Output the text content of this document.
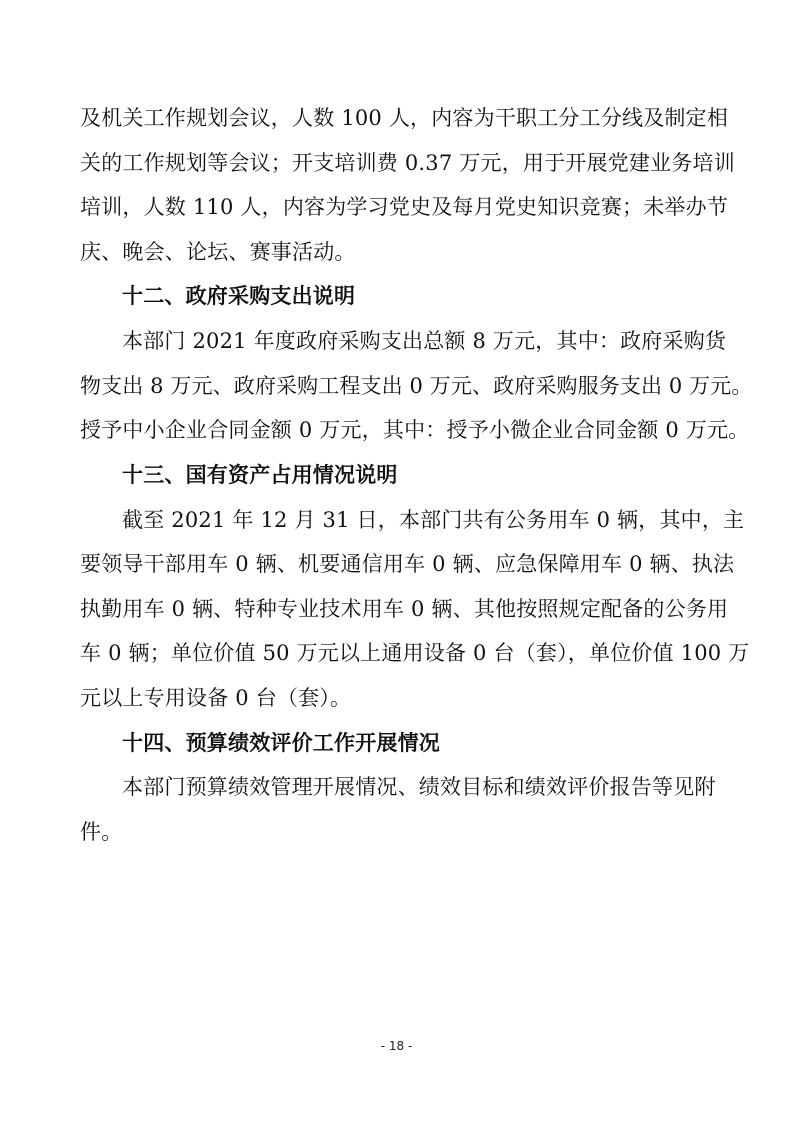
及机关工作规划会议，人数 100 人，内容为干职工分工分线及制定相
关的工作规划等会议；开支培训费 0.37 万元，用于开展党建业务培训
培训，人数 110 人，内容为学习党史及每月党史知识竞赛；未举办节
庆、晚会、论坛、赛事活动。
十二、政府采购支出说明
本部门 2021 年度政府采购支出总额 8 万元，其中：政府采购货
物支出 8 万元、政府采购工程支出 0 万元、政府采购服务支出 0 万元。
授予中小企业合同金额 0 万元，其中：授予小微企业合同金额 0 万元。
十三、国有资产占用情况说明
截至 2021 年 12 月 31 日，本部门共有公务用车 0 辆，其中，主
要领导干部用车 0 辆、机要通信用车 0 辆、应急保障用车 0 辆、执法
执勤用车 0 辆、特种专业技术用车 0 辆、其他按照规定配备的公务用
车 0 辆；单位价值 50 万元以上通用设备 0 台（套），单位价值 100 万
元以上专用设备 0 台（套）。
十四、预算绩效评价工作开展情况
本部门预算绩效管理开展情况、绩效目标和绩效评价报告等见附
件。
- 18 -
